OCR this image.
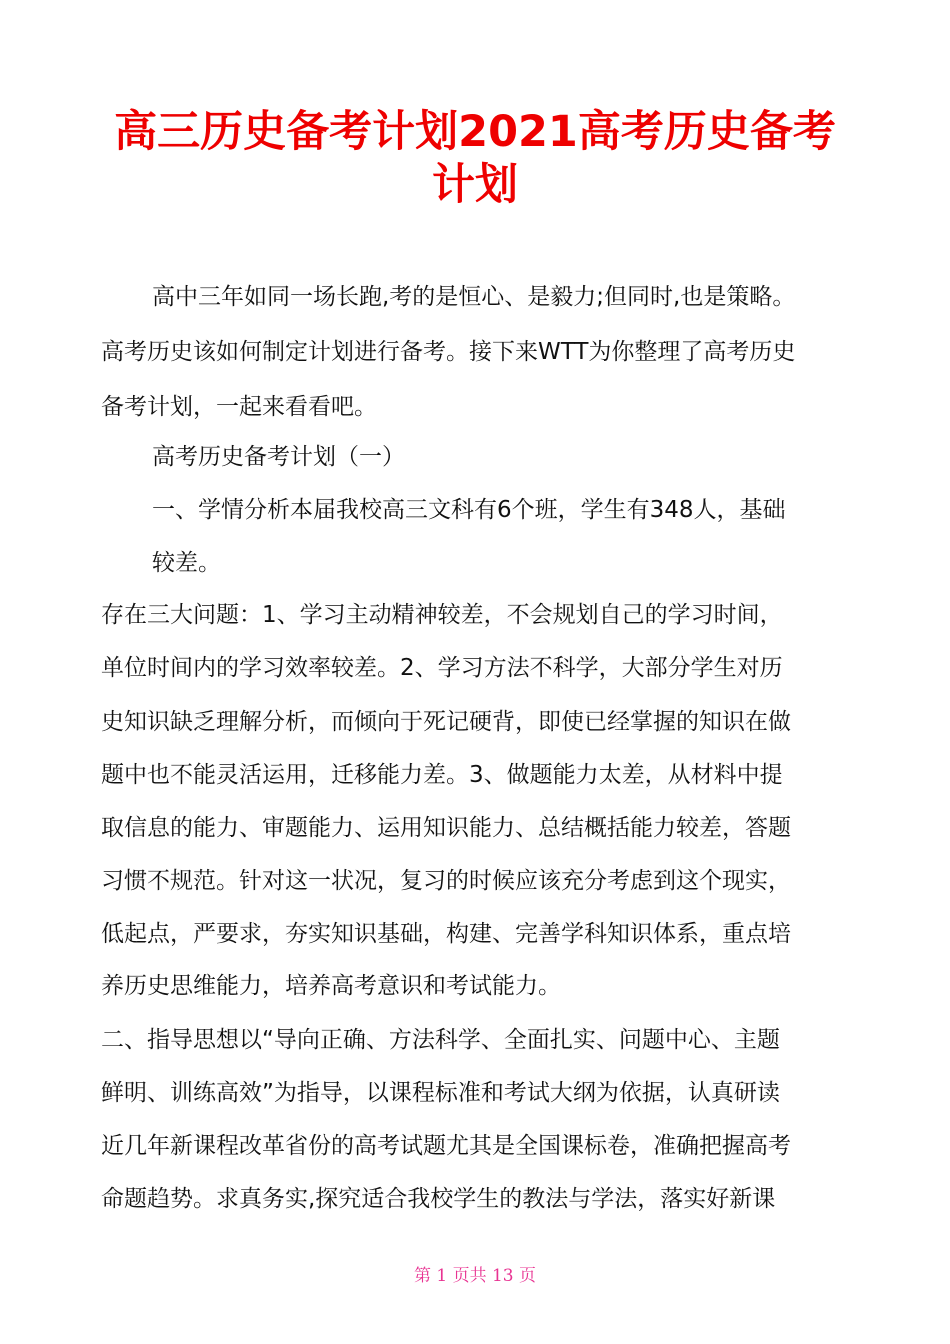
高三历史备考计划2021高考历史备考
计划

高中三年如同一场长跑,考的是恒心、是毅力;但同时,也是策略。

高考历史该如何制定计划进行备考。接下来WTT为你整理了高考历史

备考计划，一起来看看吧。

高考历史备考计划（一）

一、学情分析本届我校高三文科有6个班，学生有348人，基础

较差。

存在三大问题：1、学习主动精神较差，不会规划自己的学习时间，

单位时间内的学习效率较差。2、学习方法不科学，大部分学生对历

史知识缺乏理解分析，而倾向于死记硬背，即使已经掌握的知识在做

题中也不能灵活运用，迁移能力差。3、做题能力太差，从材料中提

取信息的能力、审题能力、运用知识能力、总结概括能力较差，答题

习惯不规范。针对这一状况，复习的时候应该充分考虑到这个现实，

低起点，严要求，夯实知识基础，构建、完善学科知识体系，重点培

养历史思维能力，培养高考意识和考试能力。

二、指导思想以“导向正确、方法科学、全面扎实、问题中心、主题

鲜明、训练高效”为指导，以课程标准和考试大纲为依据，认真研读

近几年新课程改革省份的高考试题尤其是全国课标卷，准确把握高考

命题趋势。求真务实,探究适合我校学生的教法与学法，落实好新课

第 1 页共 13 页
